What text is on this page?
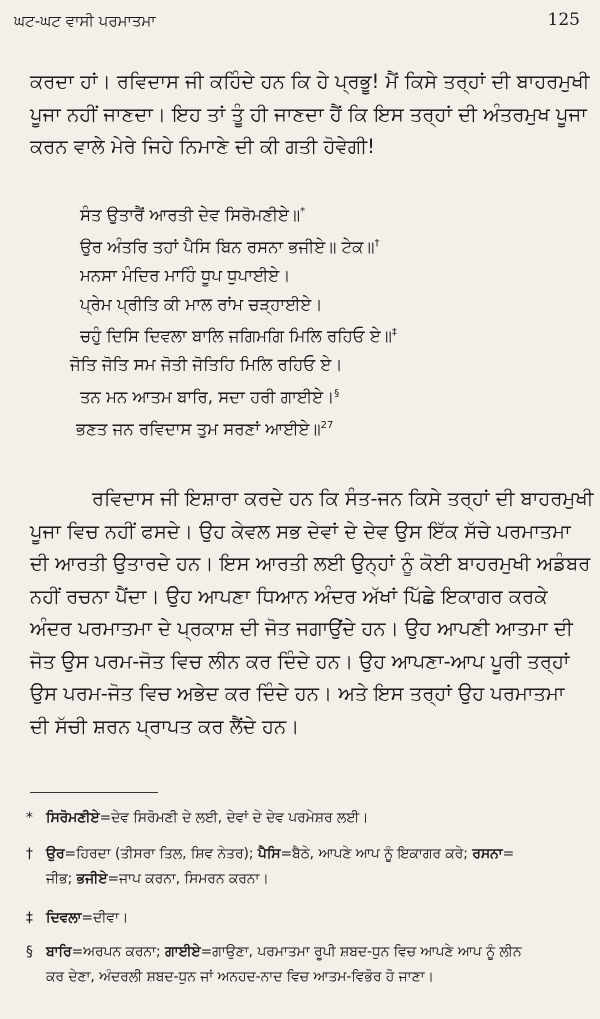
ਘਟ-ਘਟ ਵਾਸੀ ਪਰਮਾਤਮਾ	125

ਕਰਦਾ ਹਾਂ। ਰਵਿਦਾਸ ਜੀ ਕਹਿੰਦੇ ਹਨ ਕਿ ਹੇ ਪ੍ਰਭੂ! ਮੈਂ ਕਿਸੇ ਤਰ੍ਹਾਂ ਦੀ ਬਾਹਰਮੁਖੀ
ਪੂਜਾ ਨਹੀਂ ਜਾਣਦਾ। ਇਹ ਤਾਂ ਤੂੰ ਹੀ ਜਾਣਦਾ ਹੈਂ ਕਿ ਇਸ ਤਰ੍ਹਾਂ ਦੀ ਅੰਤਰਮੁਖ ਪੂਜਾ
ਕਰਨ ਵਾਲੇ ਮੇਰੇ ਜਿਹੇ ਨਿਮਾਣੇ ਦੀ ਕੀ ਗਤੀ ਹੋਵੇਗੀ!

ਸੰਤ ਉਤਾਰੈਂ ਆਰਤੀ ਦੇਵ ਸਿਰੋਮਣੀਏ॥*
ਉਰ ਅੰਤਰਿ ਤਹਾਂ ਪੈਸਿ ਬਿਨ ਰਸਨਾ ਭਜੀਏ॥ ਟੇਕ॥†
ਮਨਸਾ ਮੰਦਿਰ ਮਾਹਿੰ ਧੂਪ ਧੁਪਾਈਏ।
ਪ੍ਰੇਮ ਪ੍ਰੀਤਿ ਕੀ ਮਾਲ ਰਾਂਮ ਚੜ੍ਹਾਈਏ।
ਚਹੁੰ ਦਿਸਿ ਦਿਵਲਾ ਬਾਲਿ ਜਗਿਮਗਿ ਮਿਲਿ ਰਹਿਓ ਏ॥‡
ਜੋਤਿ ਜੋਤਿ ਸਮ ਜੋਤੀ ਜੋਤਿਹਿ ਮਿਲਿ ਰਹਿਓ ਏ।
ਤਨ ਮਨ ਆਤਮ ਬਾਰਿ, ਸਦਾ ਹਰੀ ਗਾਈਏ।§
ਭਣਤ ਜਨ ਰਵਿਦਾਸ ਤੁਮ ਸਰਣਾਂ ਆਈਏ॥$^{27}$

ਰਵਿਦਾਸ ਜੀ ਇਸ਼ਾਰਾ ਕਰਦੇ ਹਨ ਕਿ ਸੰਤ-ਜਨ ਕਿਸੇ ਤਰ੍ਹਾਂ ਦੀ ਬਾਹਰਮੁਖੀ
ਪੂਜਾ ਵਿਚ ਨਹੀਂ ਫਸਦੇ। ਉਹ ਕੇਵਲ ਸਭ ਦੇਵਾਂ ਦੇ ਦੇਵ ਉਸ ਇੱਕ ਸੱਚੇ ਪਰਮਾਤਮਾ
ਦੀ ਆਰਤੀ ਉਤਾਰਦੇ ਹਨ। ਇਸ ਆਰਤੀ ਲਈ ਉਨ੍ਹਾਂ ਨੂੰ ਕੋਈ ਬਾਹਰਮੁਖੀ ਅਡੰਬਰ
ਨਹੀਂ ਰਚਨਾ ਪੈਂਦਾ। ਉਹ ਆਪਣਾ ਧਿਆਨ ਅੰਦਰ ਅੱਖਾਂ ਪਿੱਛੇ ਇਕਾਗਰ ਕਰਕੇ
ਅੰਦਰ ਪਰਮਾਤਮਾ ਦੇ ਪ੍ਰਕਾਸ਼ ਦੀ ਜੋਤ ਜਗਾਉਂਦੇ ਹਨ। ਉਹ ਆਪਣੀ ਆਤਮਾ ਦੀ
ਜੋਤ ਉਸ ਪਰਮ-ਜੋਤ ਵਿਚ ਲੀਨ ਕਰ ਦਿੰਦੇ ਹਨ। ਉਹ ਆਪਣਾ-ਆਪ ਪੂਰੀ ਤਰ੍ਹਾਂ
ਉਸ ਪਰਮ-ਜੋਤ ਵਿਚ ਅਭੇਦ ਕਰ ਦਿੰਦੇ ਹਨ। ਅਤੇ ਇਸ ਤਰ੍ਹਾਂ ਉਹ ਪਰਮਾਤਮਾ
ਦੀ ਸੱਚੀ ਸ਼ਰਨ ਪ੍ਰਾਪਤ ਕਰ ਲੈਂਦੇ ਹਨ।

* ਸਿਰੋਮਣੀਏ=ਦੇਵ ਸਿਰੋਮਣੀ ਦੇ ਲਈ, ਦੇਵਾਂ ਦੇ ਦੇਵ ਪਰਮੇਸ਼ਰ ਲਈ।
† ਉਰ=ਹਿਰਦਾ (ਤੀਸਰਾ ਤਿਲ, ਸ਼ਿਵ ਨੇਤਰ); ਪੈਸਿ=ਬੈਠੇ, ਆਪਣੇ ਆਪ ਨੂੰ ਇਕਾਗਰ ਕਰੇ; ਰਸਨਾ=
ਜੀਭ; ਭਜੀਏ=ਜਾਪ ਕਰਨਾ, ਸਿਮਰਨ ਕਰਨਾ।
‡ ਦਿਵਲਾ=ਦੀਵਾ।
§ ਬਾਰਿ=ਅਰਪਨ ਕਰਨਾ; ਗਾਈਏ=ਗਾਉਣਾ, ਪਰਮਾਤਮਾ ਰੂਪੀ ਸ਼ਬਦ-ਧੁਨ ਵਿਚ ਆਪਣੇ ਆਪ ਨੂੰ ਲੀਨ
ਕਰ ਦੇਣਾ, ਅੰਦਰਲੀ ਸ਼ਬਦ-ਧੁਨ ਜਾਂ ਅਨਹਦ-ਨਾਦ ਵਿਚ ਆਤਮ-ਵਿਭੋਰ ਹੋ ਜਾਣਾ।
